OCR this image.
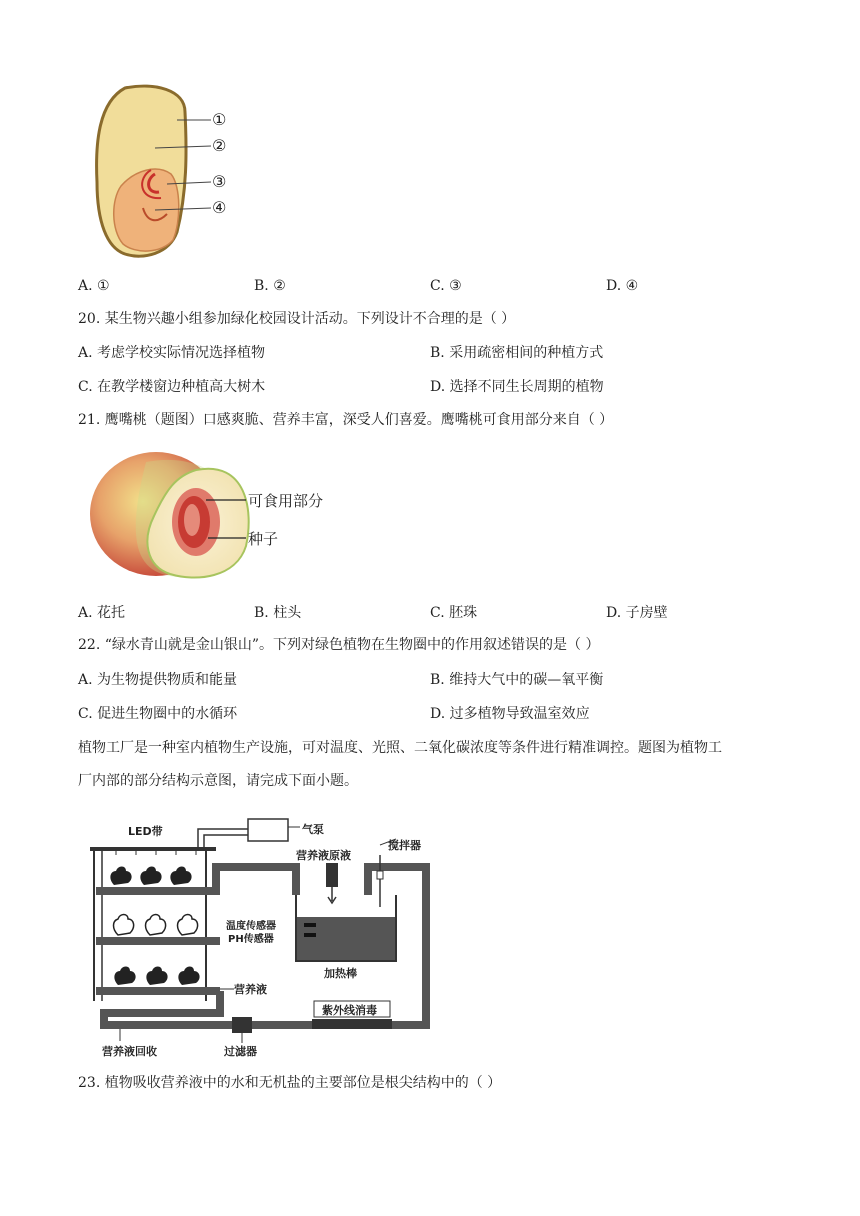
①
②
③
④
A. ①	B. ②	C. ③	D. ④
20. 某生物兴趣小组参加绿化校园设计活动。下列设计不合理的是（ ）
A. 考虑学校实际情况选择植物	B. 采用疏密相间的种植方式
C. 在教学楼窗边种植高大树木	D. 选择不同生长周期的植物
21. 鹰嘴桃（题图）口感爽脆、营养丰富，深受人们喜爱。鹰嘴桃可食用部分来自（ ）
可食用部分
种子
A. 花托	B. 柱头	C. 胚珠	D. 子房壁
22. “绿水青山就是金山银山”。下列对绿色植物在生物圈中的作用叙述错误的是（ ）
A. 为生物提供物质和能量	B. 维持大气中的碳—氧平衡
C. 促进生物圈中的水循环	D. 过多植物导致温室效应
植物工厂是一种室内植物生产设施，可对温度、光照、二氧化碳浓度等条件进行精准调控。题图为植物工
厂内部的部分结构示意图，请完成下面小题。
LED带	气泵
营养液原液
搅拌器
温度传感器
PH传感器
加热棒
营养液
紫外线消毒
营养液回收	过滤器
23. 植物吸收营养液中的水和无机盐的主要部位是根尖结构中的（ ）
